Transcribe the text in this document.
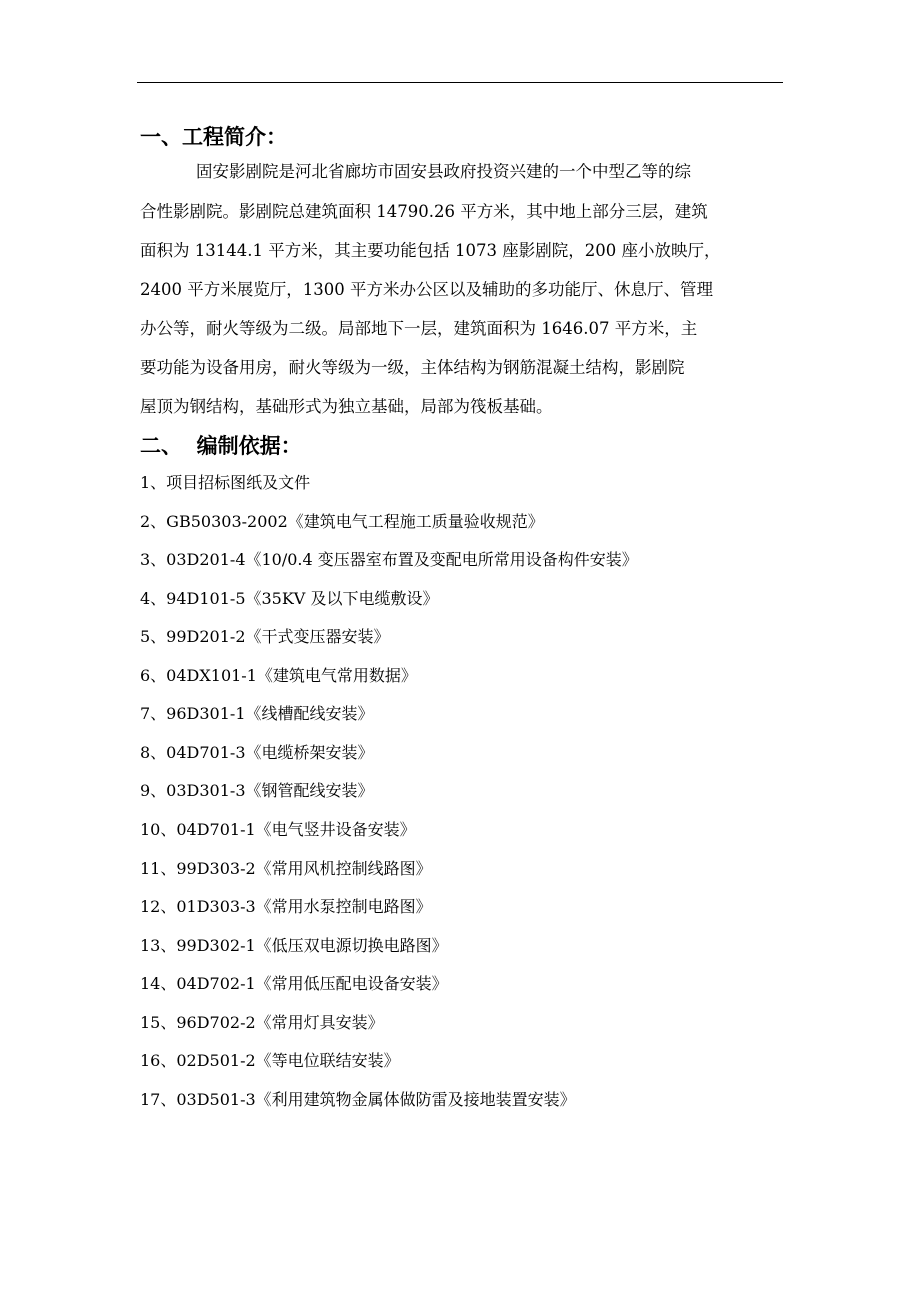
一、工程简介：
固安影剧院是河北省廊坊市固安县政府投资兴建的一个中型乙等的综
合性影剧院。影剧院总建筑面积 14790.26 平方米，其中地上部分三层，建筑
面积为 13144.1 平方米，其主要功能包括 1073 座影剧院，200 座小放映厅，
2400 平方米展览厅，1300 平方米办公区以及辅助的多功能厅、休息厅、管理
办公等，耐火等级为二级。局部地下一层，建筑面积为 1646.07 平方米，主
要功能为设备用房，耐火等级为一级，主体结构为钢筋混凝土结构，影剧院
屋顶为钢结构，基础形式为独立基础，局部为筏板基础。
二、  编制依据：
1、项目招标图纸及文件
2、GB50303-2002《建筑电气工程施工质量验收规范》
3、03D201-4《10/0.4 变压器室布置及变配电所常用设备构件安装》
4、94D101-5《35KV 及以下电缆敷设》
5、99D201-2《干式变压器安装》
6、04DX101-1《建筑电气常用数据》
7、96D301-1《线槽配线安装》
8、04D701-3《电缆桥架安装》
9、03D301-3《钢管配线安装》
10、04D701-1《电气竖井设备安装》
11、99D303-2《常用风机控制线路图》
12、01D303-3《常用水泵控制电路图》
13、99D302-1《低压双电源切换电路图》
14、04D702-1《常用低压配电设备安装》
15、96D702-2《常用灯具安装》
16、02D501-2《等电位联结安装》
17、03D501-3《利用建筑物金属体做防雷及接地装置安装》
